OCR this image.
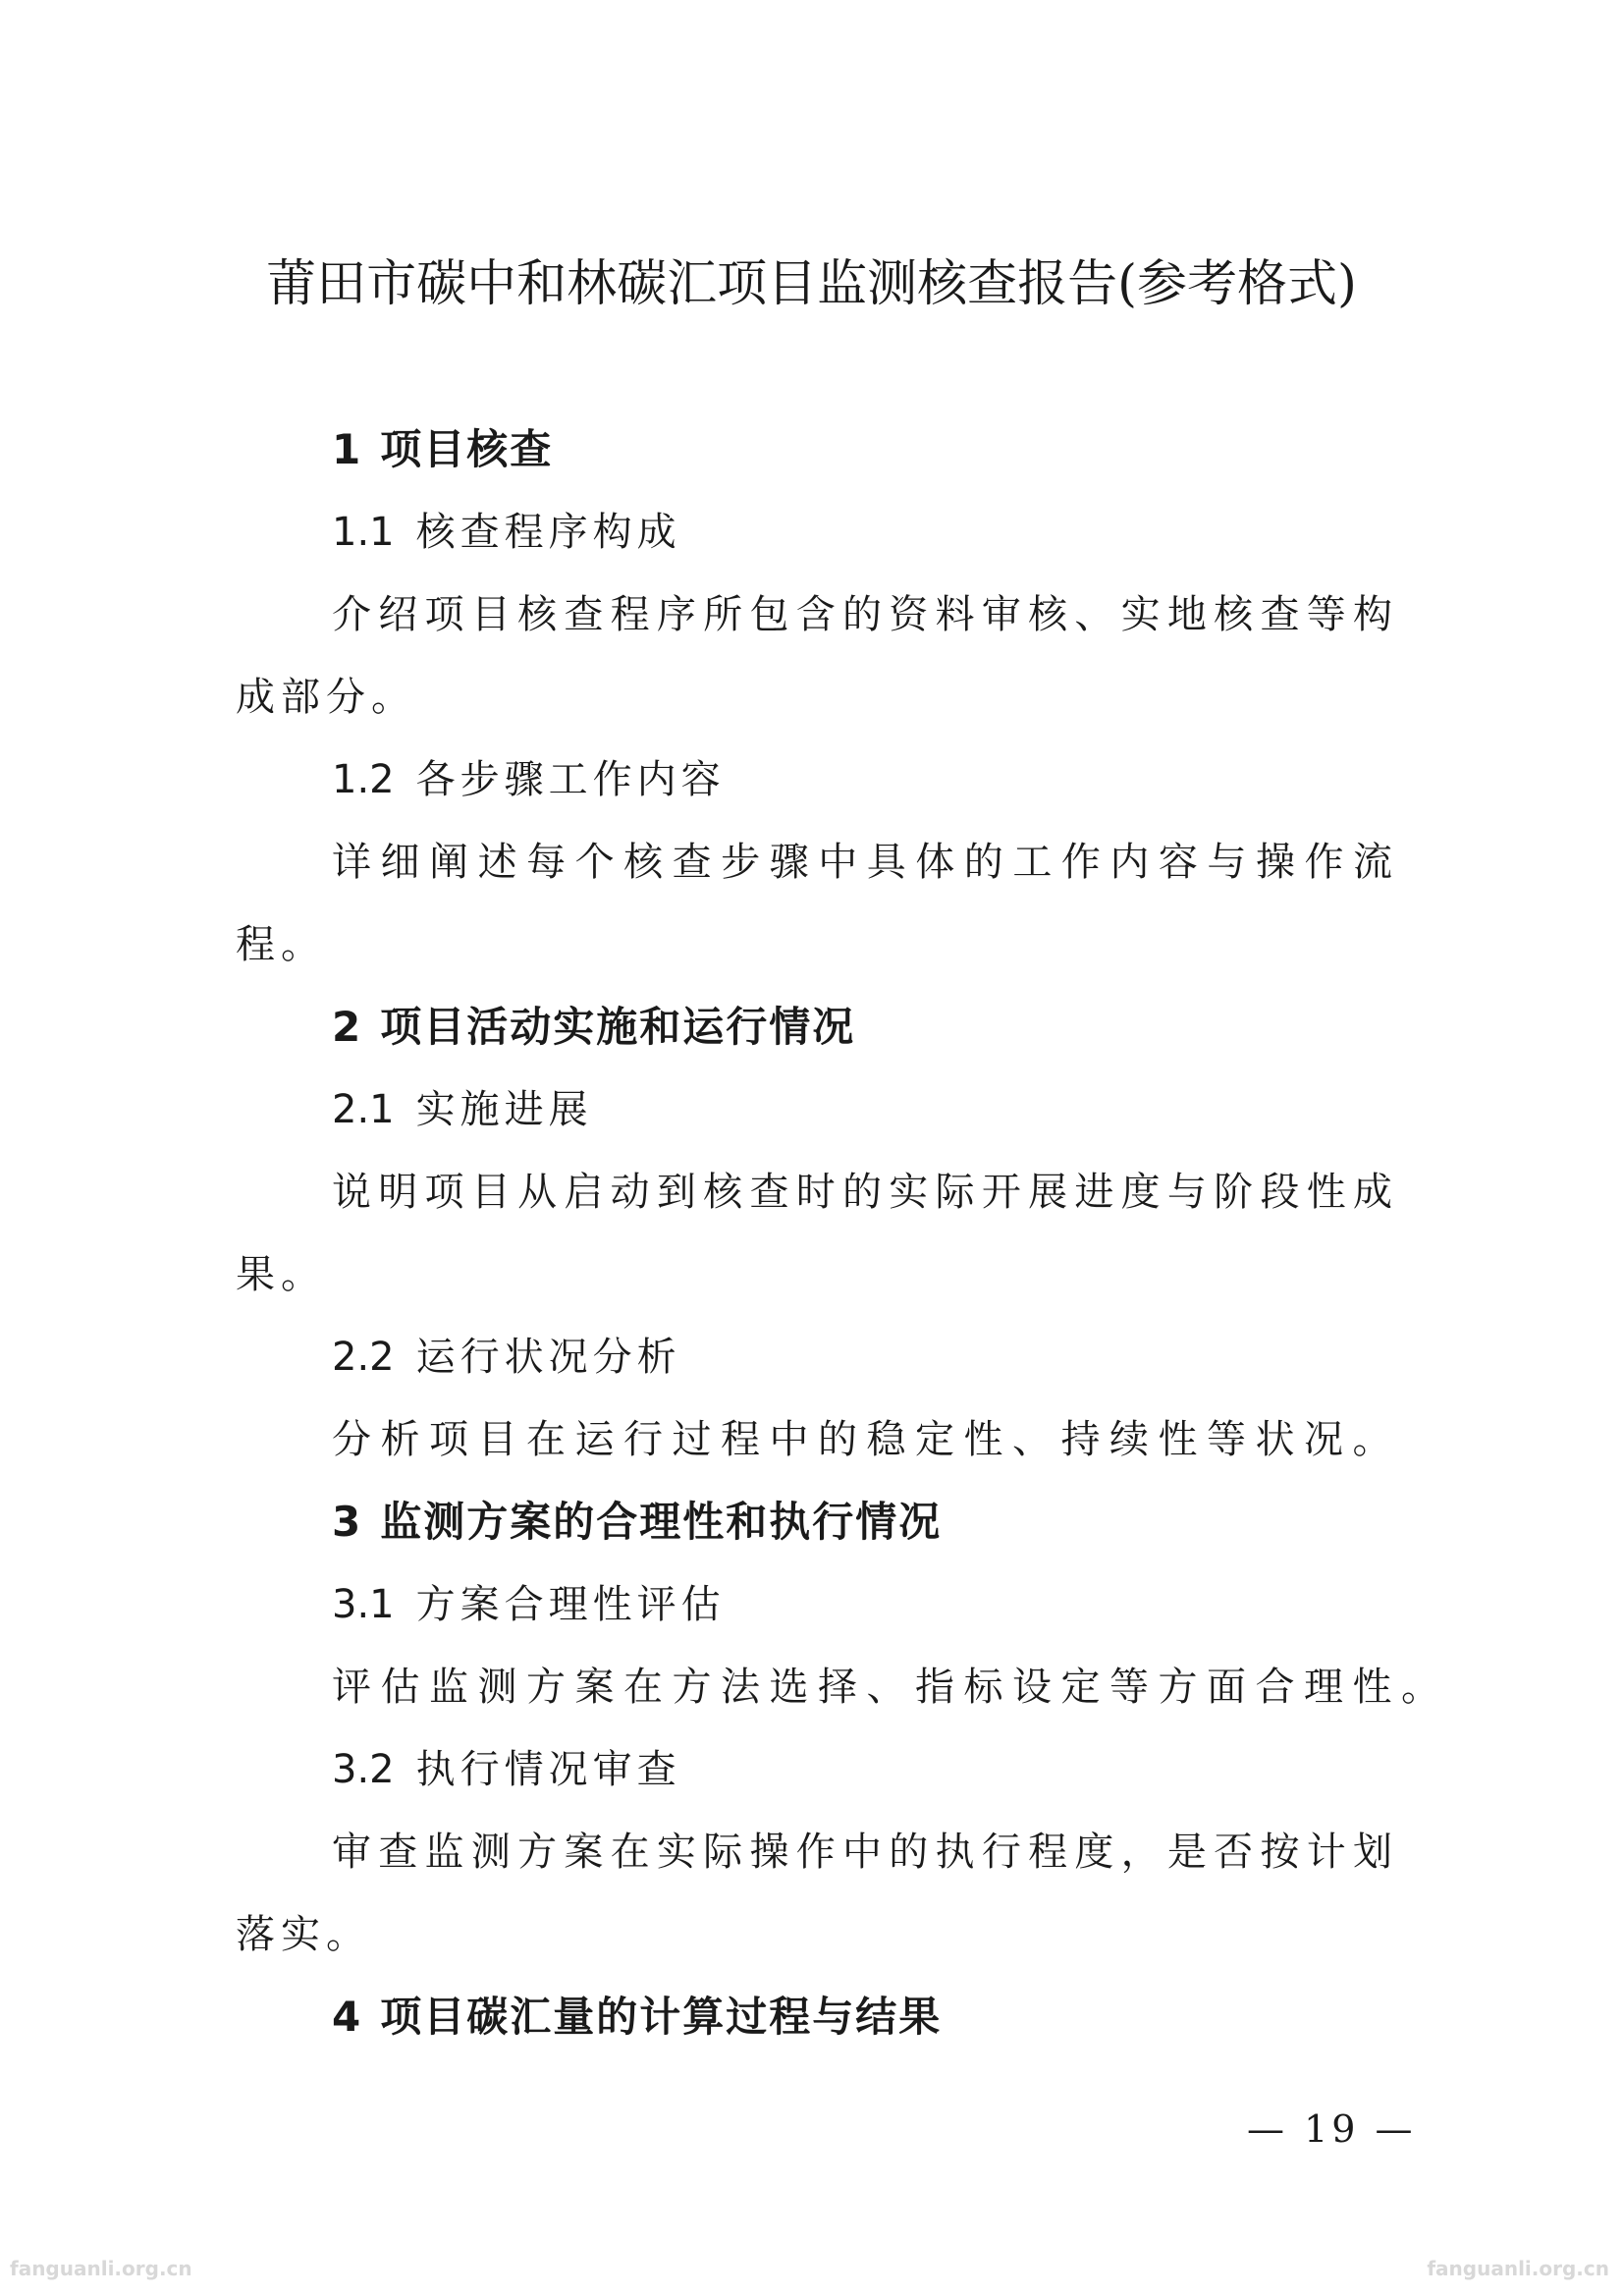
莆田市碳中和林碳汇项目监测核查报告(参考格式)
1 项目核查
1.1 核查程序构成
介绍项目核查程序所包含的资料审核、实地核查等构
成部分。
1.2 各步骤工作内容
详细阐述每个核查步骤中具体的工作内容与操作流
程。
2 项目活动实施和运行情况
2.1 实施进展
说明项目从启动到核查时的实际开展进度与阶段性成
果。
2.2 运行状况分析
分析项目在运行过程中的稳定性、持续性等状况。
3 监测方案的合理性和执行情况
3.1 方案合理性评估
评估监测方案在方法选择、指标设定等方面合理性。
3.2 执行情况审查
审查监测方案在实际操作中的执行程度，是否按计划
落实。
4 项目碳汇量的计算过程与结果
— 19 —
fanguanli.org.cn	fanguanli.org.cn
